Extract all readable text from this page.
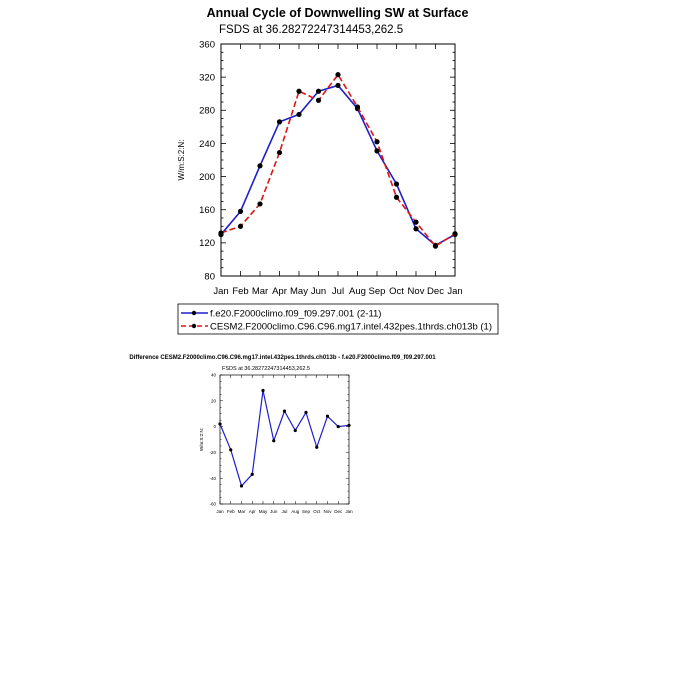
Annual Cycle of Downwelling SW at Surface
FSDS at 36.28272247314453,262.5
80
120
160
200
240
280
320
360
Jan Feb Mar Apr May Jun Jul Aug Sep Oct Nov Dec Jan
W/m:S:2:N:
f.e20.F2000climo.f09_f09.297.001 (2-11)
CESM2.F2000climo.C96.C96.mg17.intel.432pes.1thrds.ch013b (1)
Difference CESM2.F2000climo.C96.C96.mg17.intel.432pes.1thrds.ch013b - f.e20.F2000climo.f09_f09.297.001
FSDS at 36.28272247314453,262.5
-60
-40
-20
0
20
40
Jan Feb Mar Apr May Jun Jul Aug Sep Oct Nov Dec Jan
W/m:S:2:N:
